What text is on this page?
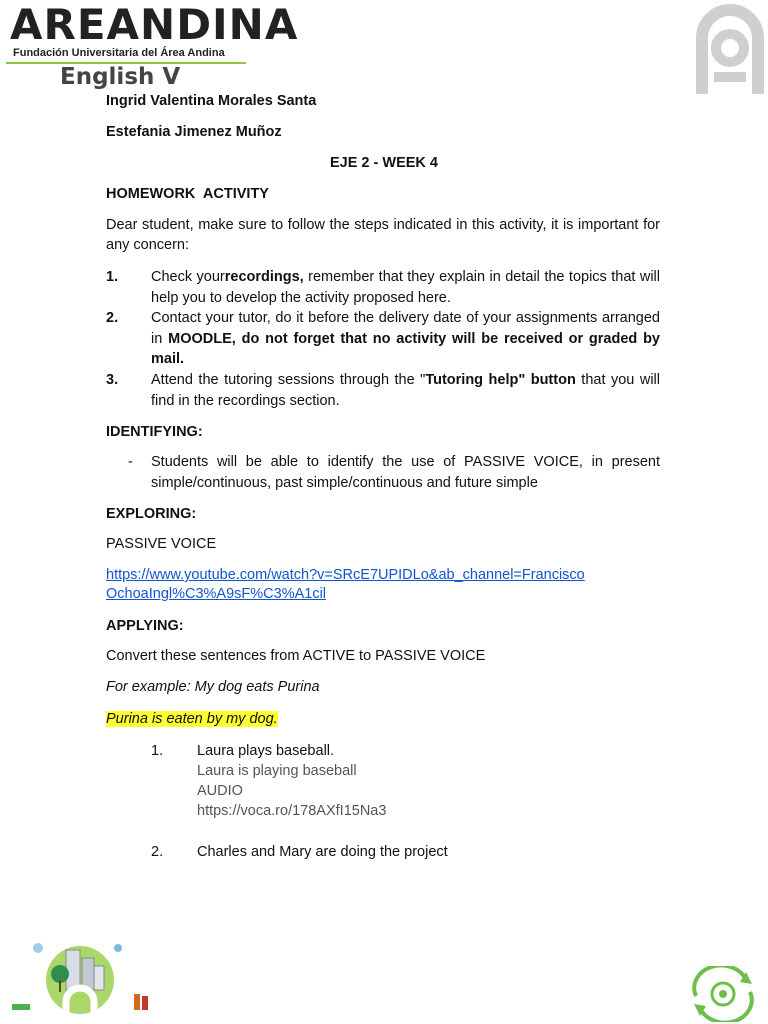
AREANDINA
Fundación Universitaria del Área Andina
English V
Ingrid Valentina Morales Santa
Estefania Jimenez Muñoz
EJE 2 - WEEK 4
HOMEWORK  ACTIVITY
Dear student, make sure to follow the steps indicated in this activity, it is important for any concern:
1. Check yourrecordings, remember that they explain in detail the topics that will help you to develop the activity proposed here.
2. Contact your tutor, do it before the delivery date of your assignments arranged in MOODLE, do not forget that no activity will be received or graded by mail.
3. Attend the tutoring sessions through the "Tutoring help" button that you will find in the recordings section.
IDENTIFYING:
- Students will be able to identify the use of PASSIVE VOICE, in present simple/continuous, past simple/continuous and future simple
EXPLORING:
PASSIVE VOICE
https://www.youtube.com/watch?v=SRcE7UPIDLo&ab_channel=Francisco
OchoaIngl%C3%A9sF%C3%A1cil
APPLYING:
Convert these sentences from ACTIVE to PASSIVE VOICE
For example: My dog eats Purina
Purina is eaten by my dog.
1. Laura plays baseball.
Laura is playing baseball
AUDIO
https://voca.ro/178AXfI15Na3
2. Charles and Mary are doing the project
